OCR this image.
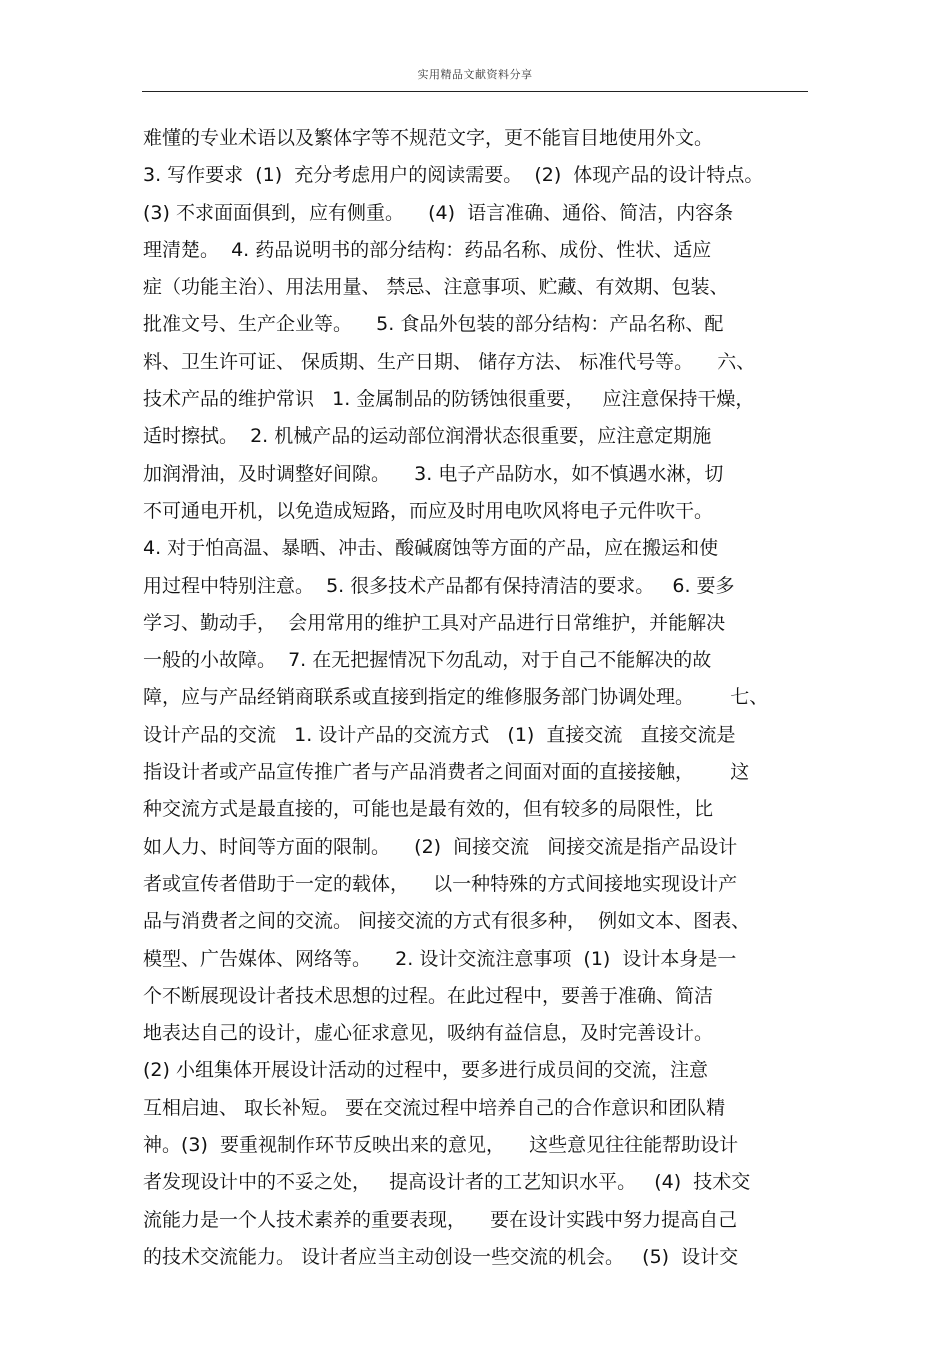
实用精品文献资料分享
难懂的专业术语以及繁体字等不规范文字，更不能盲目地使用外文。
3. 写作要求  (1)  充分考虑用户的阅读需要。  (2)  体现产品的设计特点。
(3) 不求面面俱到，应有侧重。    (4)  语言准确、通俗、简洁，内容条
理清楚。  4. 药品说明书的部分结构：药品名称、成份、性状、适应
症（功能主治）、用法用量、 禁忌、注意事项、贮藏、有效期、包装、
批准文号、生产企业等。    5. 食品外包装的部分结构：产品名称、配
料、卫生许可证、 保质期、生产日期、 储存方法、 标准代号等。    六、
技术产品的维护常识   1. 金属制品的防锈蚀很重要，   应注意保持干燥，
适时擦拭。  2. 机械产品的运动部位润滑状态很重要，应注意定期施
加润滑油，及时调整好间隙。    3. 电子产品防水，如不慎遇水淋，切
不可通电开机，以免造成短路，而应及时用电吹风将电子元件吹干。
4. 对于怕高温、暴晒、冲击、酸碱腐蚀等方面的产品，应在搬运和使
用过程中特别注意。  5. 很多技术产品都有保持清洁的要求。   6. 要多
学习、勤动手，  会用常用的维护工具对产品进行日常维护，并能解决
一般的小故障。  7. 在无把握情况下勿乱动，对于自己不能解决的故
障，应与产品经销商联系或直接到指定的维修服务部门协调处理。      七、
设计产品的交流   1. 设计产品的交流方式   (1)  直接交流   直接交流是
指设计者或产品宣传推广者与产品消费者之间面对面的直接接触，      这
种交流方式是最直接的，可能也是最有效的，但有较多的局限性，比
如人力、时间等方面的限制。    (2)  间接交流   间接交流是指产品设计
者或宣传者借助于一定的载体，    以一种特殊的方式间接地实现设计产
品与消费者之间的交流。 间接交流的方式有很多种，  例如文本、图表、
模型、广告媒体、网络等。    2. 设计交流注意事项  (1)  设计本身是一
个不断展现设计者技术思想的过程。在此过程中，要善于准确、简洁
地表达自己的设计，虚心征求意见，吸纳有益信息，及时完善设计。
(2) 小组集体开展设计活动的过程中，要多进行成员间的交流，注意
互相启迪、 取长补短。 要在交流过程中培养自己的合作意识和团队精
神。(3)  要重视制作环节反映出来的意见，    这些意见往往能帮助设计
者发现设计中的不妥之处，   提高设计者的工艺知识水平。   (4)  技术交
流能力是一个人技术素养的重要表现，    要在设计实践中努力提高自己
的技术交流能力。 设计者应当主动创设一些交流的机会。   (5)  设计交
